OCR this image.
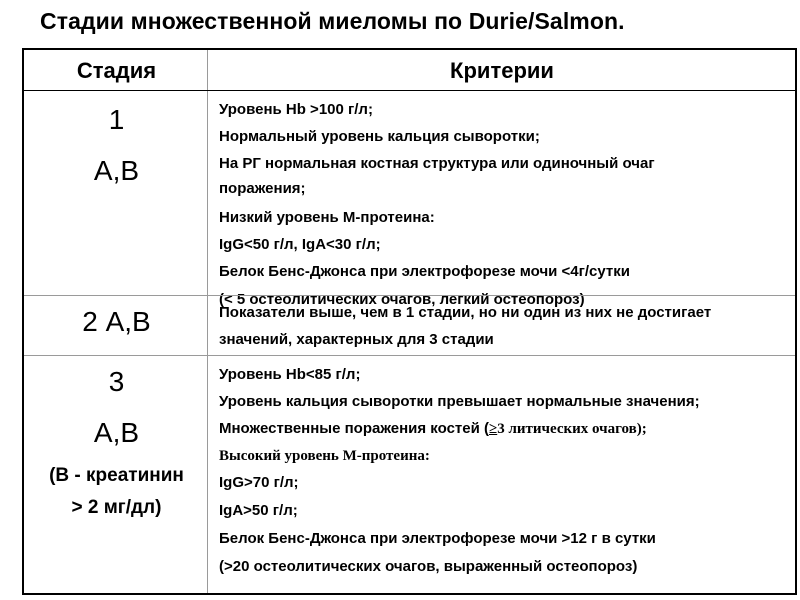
Стадии множественной миеломы по Durie/Salmon.
Стадия	Критерии
1
А,В
Уровень Hb >100 г/л;
Нормальный уровень кальция сыворотки;
На РГ нормальная костная структура или одиночный очаг
поражения;
Низкий уровень М-протеина:
IgG<50 г/л, IgA<30 г/л;
Белок Бенс-Джонса при электрофорезе мочи <4г/сутки
(< 5 остеолитических очагов, легкий остеопороз)
2 А,В	Показатели выше, чем в 1 стадии, но ни один из них не достигает
значений, характерных для 3 стадии
3
А,В
(В - креатинин
> 2 мг/дл)
Уровень Hb<85 г/л;
Уровень кальция сыворотки превышает нормальные значения;
Множественные поражения костей (≥3 литических очагов);
Высокий уровень М-протеина:
IgG>70 г/л;
IgA>50 г/л;
Белок Бенс-Джонса при электрофорезе мочи >12 г в сутки
(>20 остеолитических очагов, выраженный остеопороз)
